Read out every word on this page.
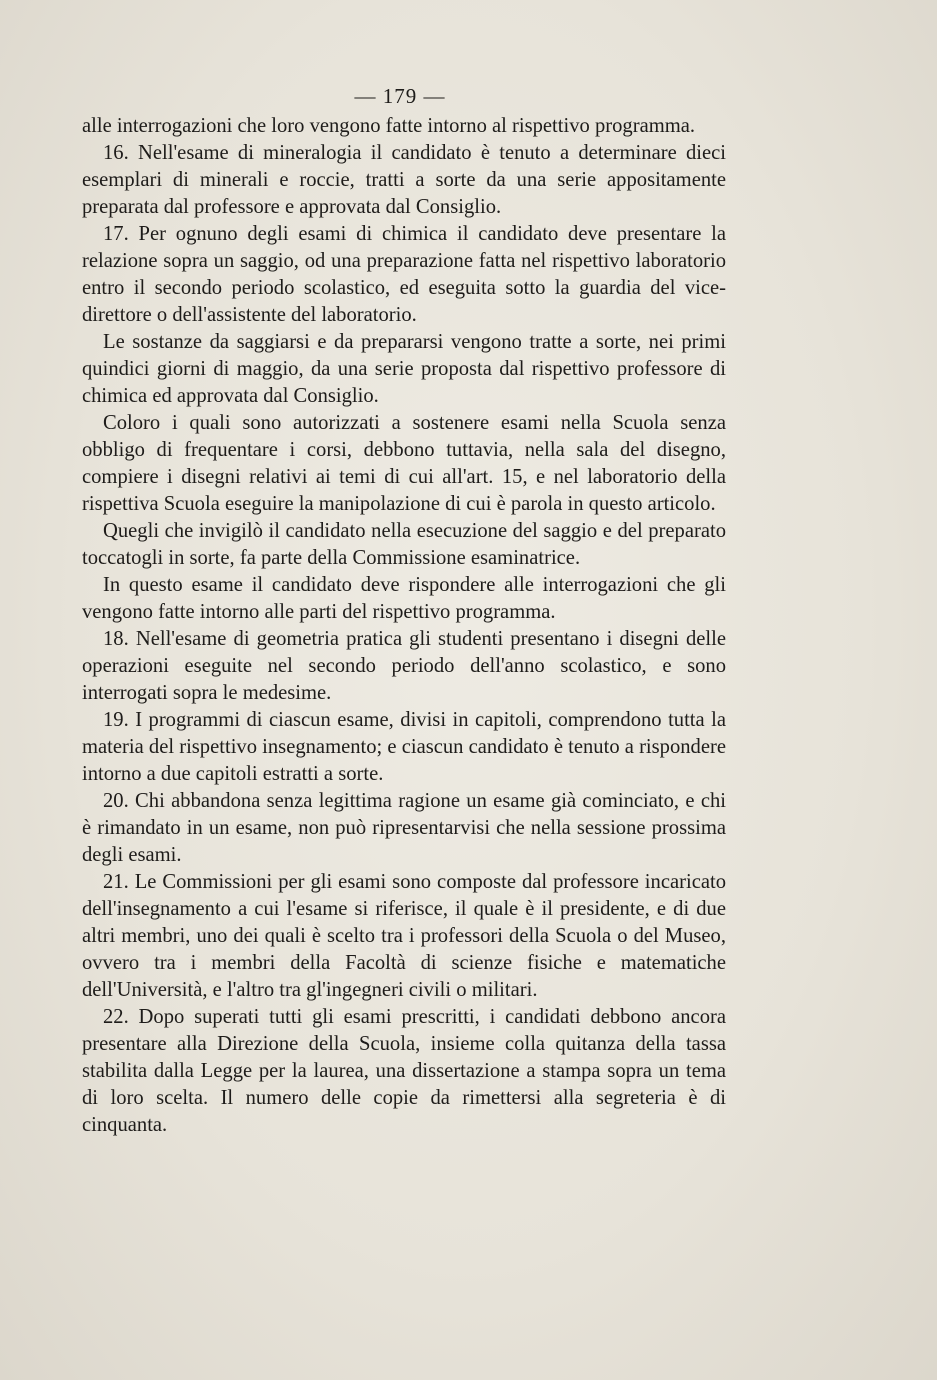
— 179 —

alle interrogazioni che loro vengono fatte intorno al rispettivo programma.

16. Nell'esame di mineralogia il candidato è tenuto a determinare dieci esemplari di minerali e roccie, tratti a sorte da una serie appositamente preparata dal professore e approvata dal Consiglio.

17. Per ognuno degli esami di chimica il candidato deve presentare la relazione sopra un saggio, od una preparazione fatta nel rispettivo laboratorio entro il secondo periodo scolastico, ed eseguita sotto la guardia del vice-direttore o dell'assistente del laboratorio.

Le sostanze da saggiarsi e da prepararsi vengono tratte a sorte, nei primi quindici giorni di maggio, da una serie proposta dal rispettivo professore di chimica ed approvata dal Consiglio.

Coloro i quali sono autorizzati a sostenere esami nella Scuola senza obbligo di frequentare i corsi, debbono tuttavia, nella sala del disegno, compiere i disegni relativi ai temi di cui all'art. 15, e nel laboratorio della rispettiva Scuola eseguire la manipolazione di cui è parola in questo articolo.

Quegli che invigilò il candidato nella esecuzione del saggio e del preparato toccatogli in sorte, fa parte della Commissione esaminatrice.

In questo esame il candidato deve rispondere alle interrogazioni che gli vengono fatte intorno alle parti del rispettivo programma.

18. Nell'esame di geometria pratica gli studenti presentano i disegni delle operazioni eseguite nel secondo periodo dell'anno scolastico, e sono interrogati sopra le medesime.

19. I programmi di ciascun esame, divisi in capitoli, comprendono tutta la materia del rispettivo insegnamento; e ciascun candidato è tenuto a rispondere intorno a due capitoli estratti a sorte.

20. Chi abbandona senza legittima ragione un esame già cominciato, e chi è rimandato in un esame, non può ripresentarvisi che nella sessione prossima degli esami.

21. Le Commissioni per gli esami sono composte dal professore incaricato dell'insegnamento a cui l'esame si riferisce, il quale è il presidente, e di due altri membri, uno dei quali è scelto tra i professori della Scuola o del Museo, ovvero tra i membri della Facoltà di scienze fisiche e matematiche dell'Università, e l'altro tra gl'ingegneri civili o militari.

22. Dopo superati tutti gli esami prescritti, i candidati debbono ancora presentare alla Direzione della Scuola, insieme colla quitanza della tassa stabilita dalla Legge per la laurea, una dissertazione a stampa sopra un tema di loro scelta. Il numero delle copie da rimettersi alla segreteria è di cinquanta.
